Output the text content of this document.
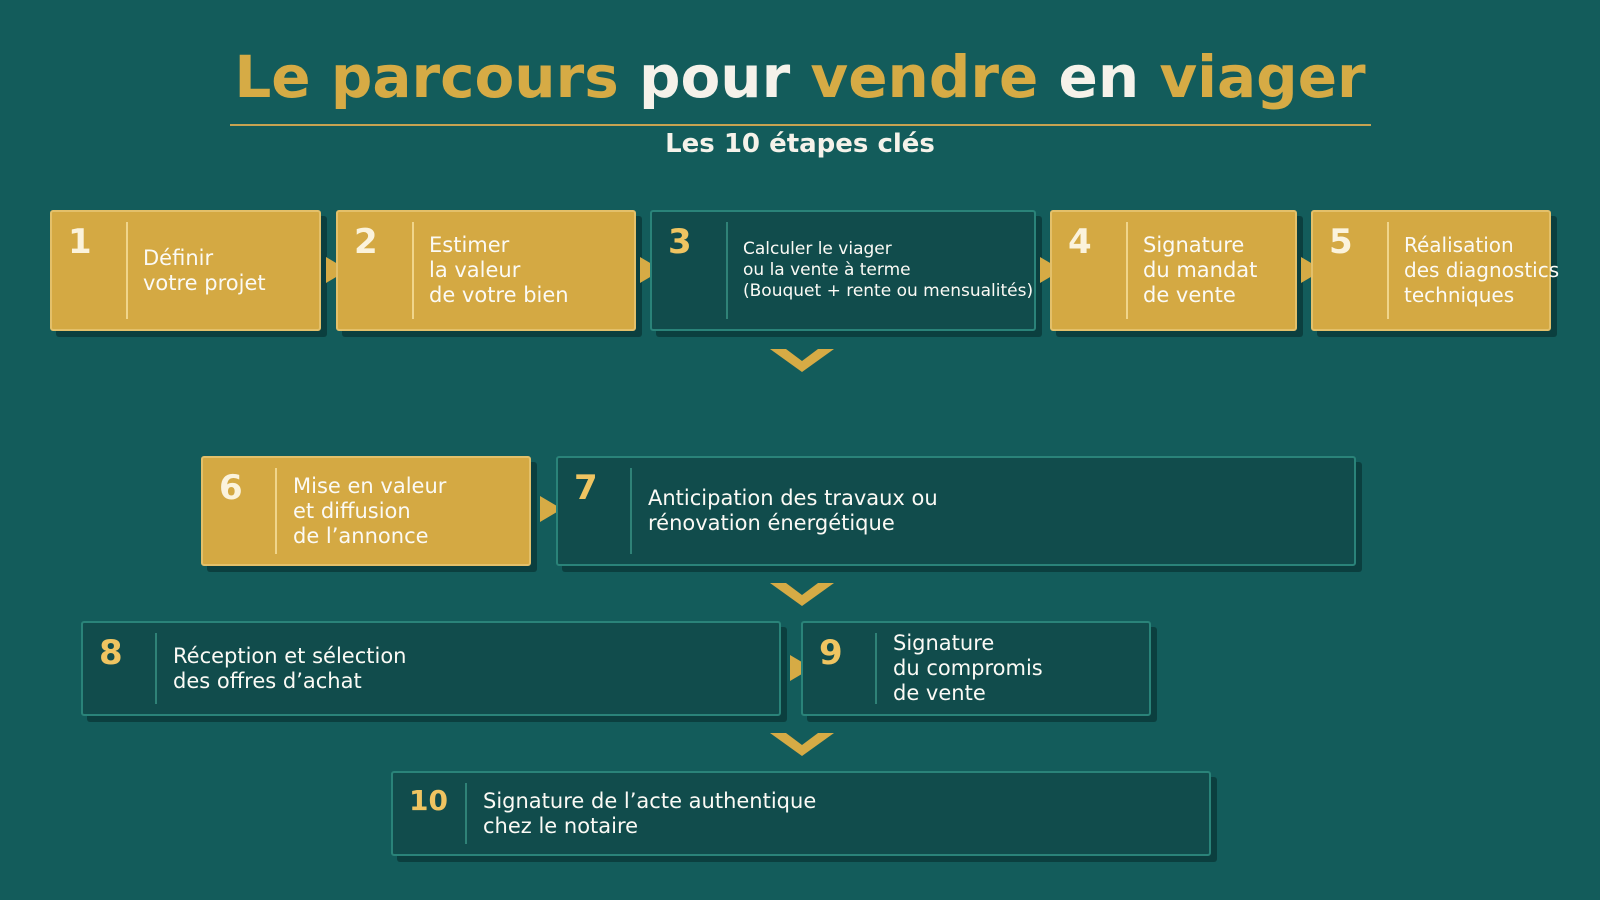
Le parcours pour vendre en viager
Les 10 étapes clés
1 Définir
votre projet
2 Estimer
la valeur
de votre bien
3	Calculer le viager
ou la vente à terme
(Bouquet + rente ou mensualités)
4 Signature
du mandat
de vente
5	Réalisation
des diagnostics
techniques
6 Mise en valeur
et diffusion
de l’annonce
7 Anticipation des travaux ou
rénovation énergétique
8 Réception et sélection
des offres d’achat
9 Signature
du compromis
de vente
10 Signature de l’acte authentique
chez le notaire
